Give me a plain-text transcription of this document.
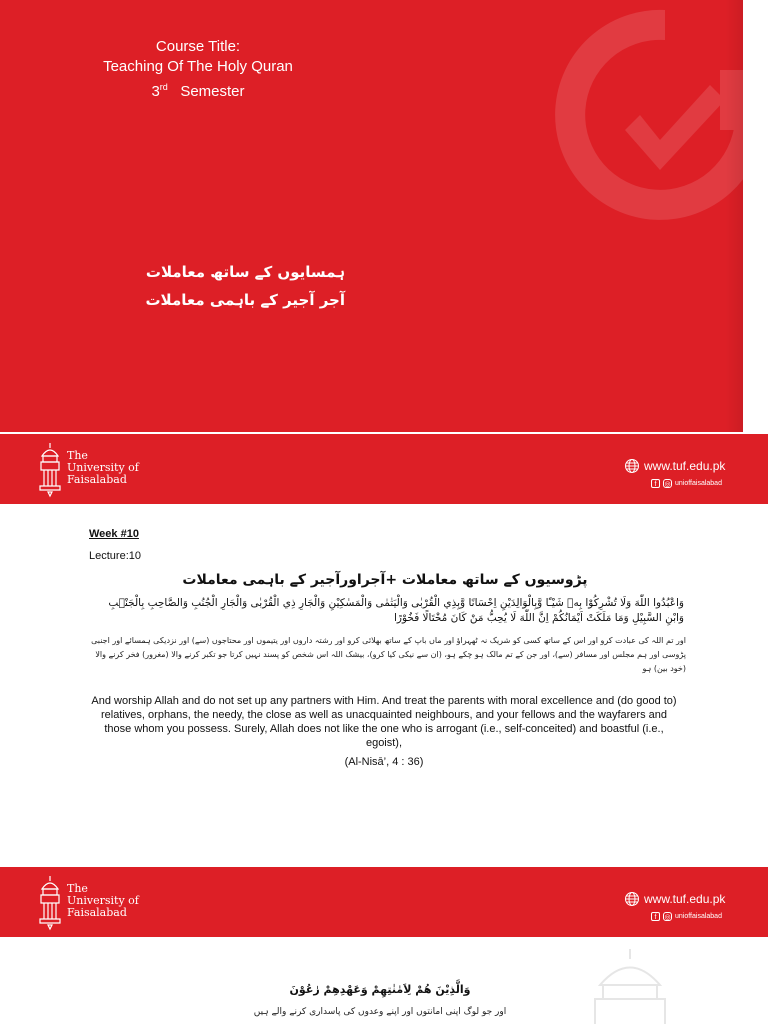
Course Title:
Teaching Of The Holy Quran
3rd Semester
ہمسایوں کے ساتھ معاملات
آجر آجیر کے باہمی معاملات
The
University of
Faisalabad
www.tuf.edu.pk
f	◎ unioffaisalabad
Week #10
Lecture:10
پڑوسیوں کے ساتھ معاملات +آجراورآجیر کے باہمی معاملات
وَاعْبُدُوا اللّٰهَ وَلَا تُشْرِكُوْا بِهٖ شَيْـًٔا وَّبِالْوَالِدَيْنِ اِحْسَانًا وَّبِذِي الْقُرْبٰى وَالْيَتٰمٰى وَالْمَسٰكِيْنِ وَالْجَارِ ذِي الْقُرْبٰى وَالْجَارِ الْجُنُبِ وَالصَّاحِبِ بِالْجَنْۢبِ وَابْنِ السَّبِيْلِ وَمَا مَلَكَتْ اَيْمَانُكُمْ اِنَّ اللّٰهَ لَا يُحِبُّ مَنْ كَانَ مُخْتَالًا فَخُوْرًا
اور تم اللہ کی عبادت کرو اور اس کے ساتھ کسی کو شریک نہ ٹھہراؤ اور ماں باپ کے ساتھ بھلائی کرو اور رشتہ داروں اور یتیموں اور محتاجوں (سے) اور نزدیکی ہمسائے اور اجنبی پڑوسی اور ہم مجلس اور مسافر (سے)، اور جن کے تم مالک ہو چکے ہو، (ان سے نیکی کیا کرو)، بیشک اللہ اس شخص کو پسند نہیں کرتا جو تکبر کرنے والا (مغرور) فخر کرنے والا (خود بین) ہو
And worship Allah and do not set up any partners with Him. And treat the parents with moral excellence and (do good to) relatives, orphans, the needy, the close as well as unacquainted neighbours, and your fellows and the wayfarers and those whom you possess. Surely, Allah does not like the one who is arrogant (i.e., self-conceited) and boastful (i.e., egoist),
(Al-Nisā’, 4 : 36)
The
University of
Faisalabad
www.tuf.edu.pk
f	◎ unioffaisalabad
وَالَّذِيْنَ هُمْ لِاَمٰنٰتِهِمْ وَعَهْدِهِمْ رٰعُوْنَ
اور جو لوگ اپنی امانتوں اور اپنے وعدوں کی پاسداری کرنے والے ہیں
